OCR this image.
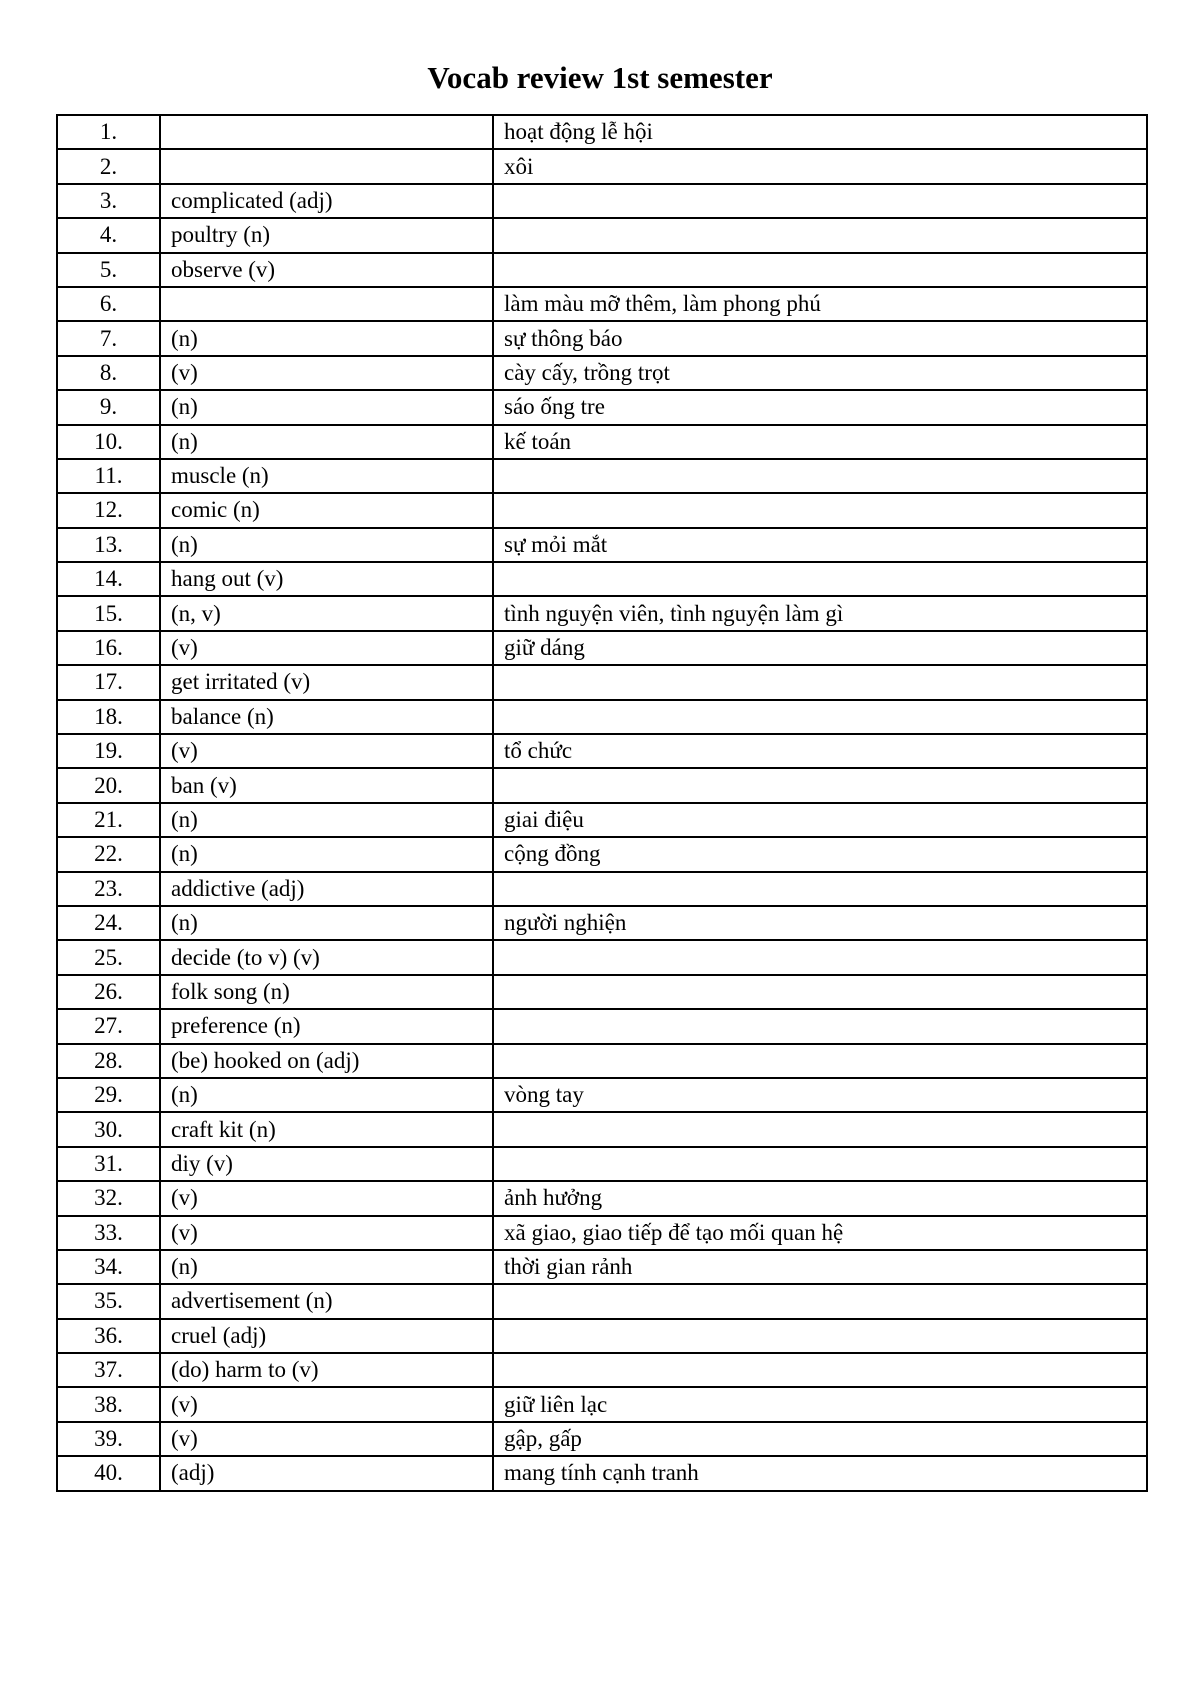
Vocab review 1st semester
1.		hoạt động lễ hội
2.		xôi
3.	complicated (adj)	
4.	poultry (n)	
5.	observe (v)	
6.		làm màu mỡ thêm, làm phong phú
7.	(n)	sự thông báo
8.	(v)	cày cấy, trồng trọt
9.	(n)	sáo ống tre
10.	(n)	kế toán
11.	muscle (n)	
12.	comic (n)	
13.	(n)	sự mỏi mắt
14.	hang out (v)	
15.	(n, v)	tình nguyện viên, tình nguyện làm gì
16.	(v)	giữ dáng
17.	get irritated (v)	
18.	balance (n)	
19.	(v)	tổ chức
20.	ban (v)	
21.	(n)	giai điệu
22.	(n)	cộng đồng
23.	addictive (adj)	
24.	(n)	người nghiện
25.	decide (to v) (v)	
26.	folk song (n)	
27.	preference (n)	
28.	(be) hooked on (adj)	
29.	(n)	vòng tay
30.	craft kit (n)	
31.	diy (v)	
32.	(v)	ảnh hưởng
33.	(v)	xã giao, giao tiếp để tạo mối quan hệ
34.	(n)	thời gian rảnh
35.	advertisement (n)	
36.	cruel (adj)	
37.	(do) harm to (v)	
38.	(v)	giữ liên lạc
39.	(v)	gập, gấp
40.	(adj)	mang tính cạnh tranh
